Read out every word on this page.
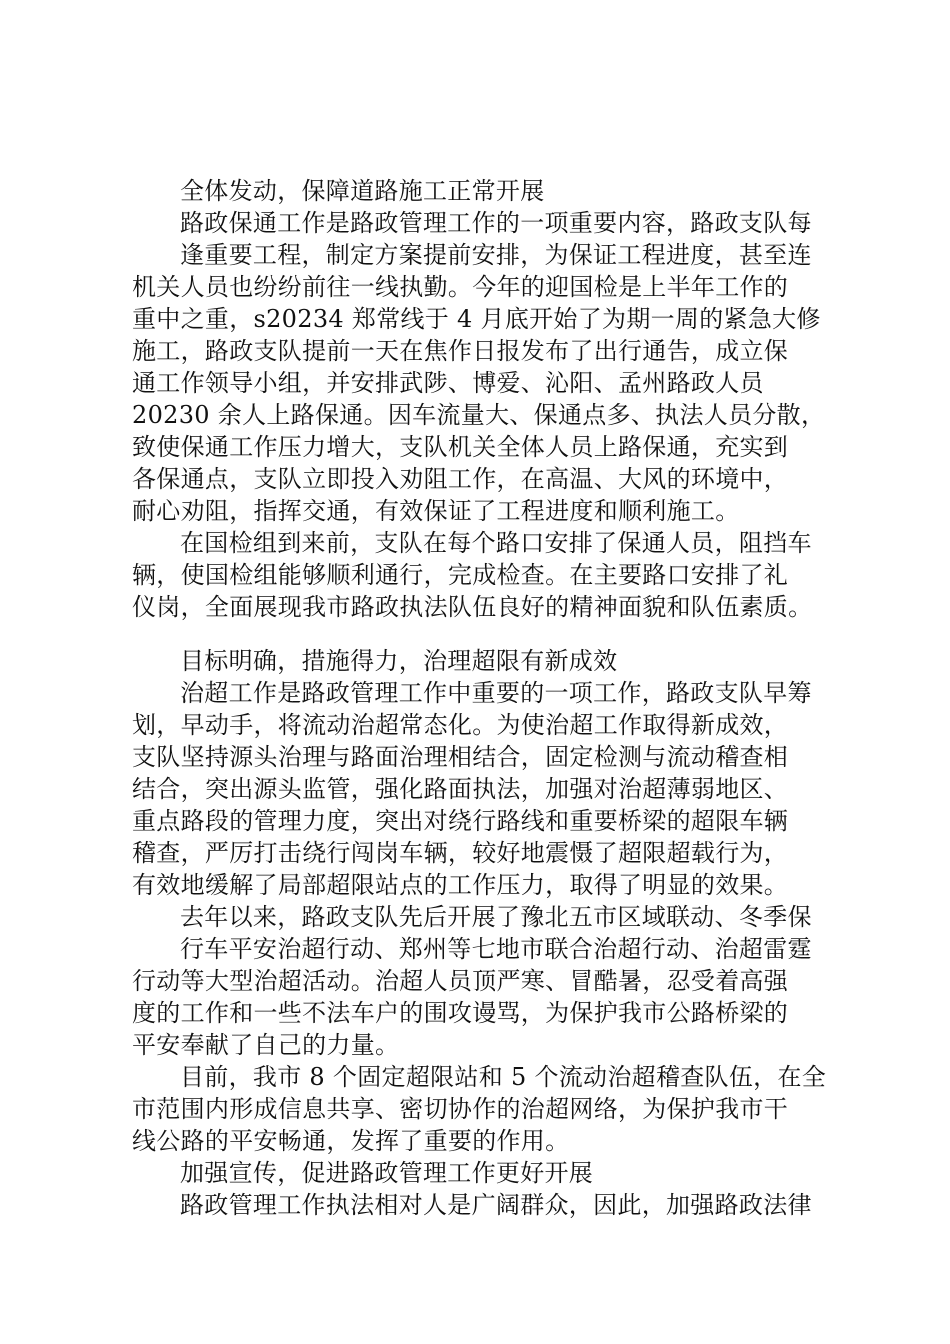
全体发动，保障道路施工正常开展
路政保通工作是路政管理工作的一项重要内容，路政支队每
逢重要工程，制定方案提前安排，为保证工程进度，甚至连
机关人员也纷纷前往一线执勤。今年的迎国检是上半年工作的
重中之重，s20234 郑常线于 4 月底开始了为期一周的紧急大修
施工，路政支队提前一天在焦作日报发布了出行通告，成立保
通工作领导小组，并安排武陟、博爱、沁阳、孟州路政人员
20230 余人上路保通。因车流量大、保通点多、执法人员分散，
致使保通工作压力增大，支队机关全体人员上路保通，充实到
各保通点，支队立即投入劝阻工作，在高温、大风的环境中，
耐心劝阻，指挥交通，有效保证了工程进度和顺利施工。
在国检组到来前，支队在每个路口安排了保通人员，阻挡车
辆，使国检组能够顺利通行，完成检查。在主要路口安排了礼
仪岗，全面展现我市路政执法队伍良好的精神面貌和队伍素质。
目标明确，措施得力，治理超限有新成效
治超工作是路政管理工作中重要的一项工作，路政支队早筹
划，早动手，将流动治超常态化。为使治超工作取得新成效，
支队坚持源头治理与路面治理相结合，固定检测与流动稽查相
结合，突出源头监管，强化路面执法，加强对治超薄弱地区、
重点路段的管理力度，突出对绕行路线和重要桥梁的超限车辆
稽查，严厉打击绕行闯岗车辆，较好地震慑了超限超载行为，
有效地缓解了局部超限站点的工作压力，取得了明显的效果。
去年以来，路政支队先后开展了豫北五市区域联动、冬季保
行车平安治超行动、郑州等七地市联合治超行动、治超雷霆
行动等大型治超活动。治超人员顶严寒、冒酷暑，忍受着高强
度的工作和一些不法车户的围攻谩骂，为保护我市公路桥梁的
平安奉献了自己的力量。
目前，我市 8 个固定超限站和 5 个流动治超稽查队伍，在全
市范围内形成信息共享、密切协作的治超网络，为保护我市干
线公路的平安畅通，发挥了重要的作用。
加强宣传，促进路政管理工作更好开展
路政管理工作执法相对人是广阔群众，因此，加强路政法律
